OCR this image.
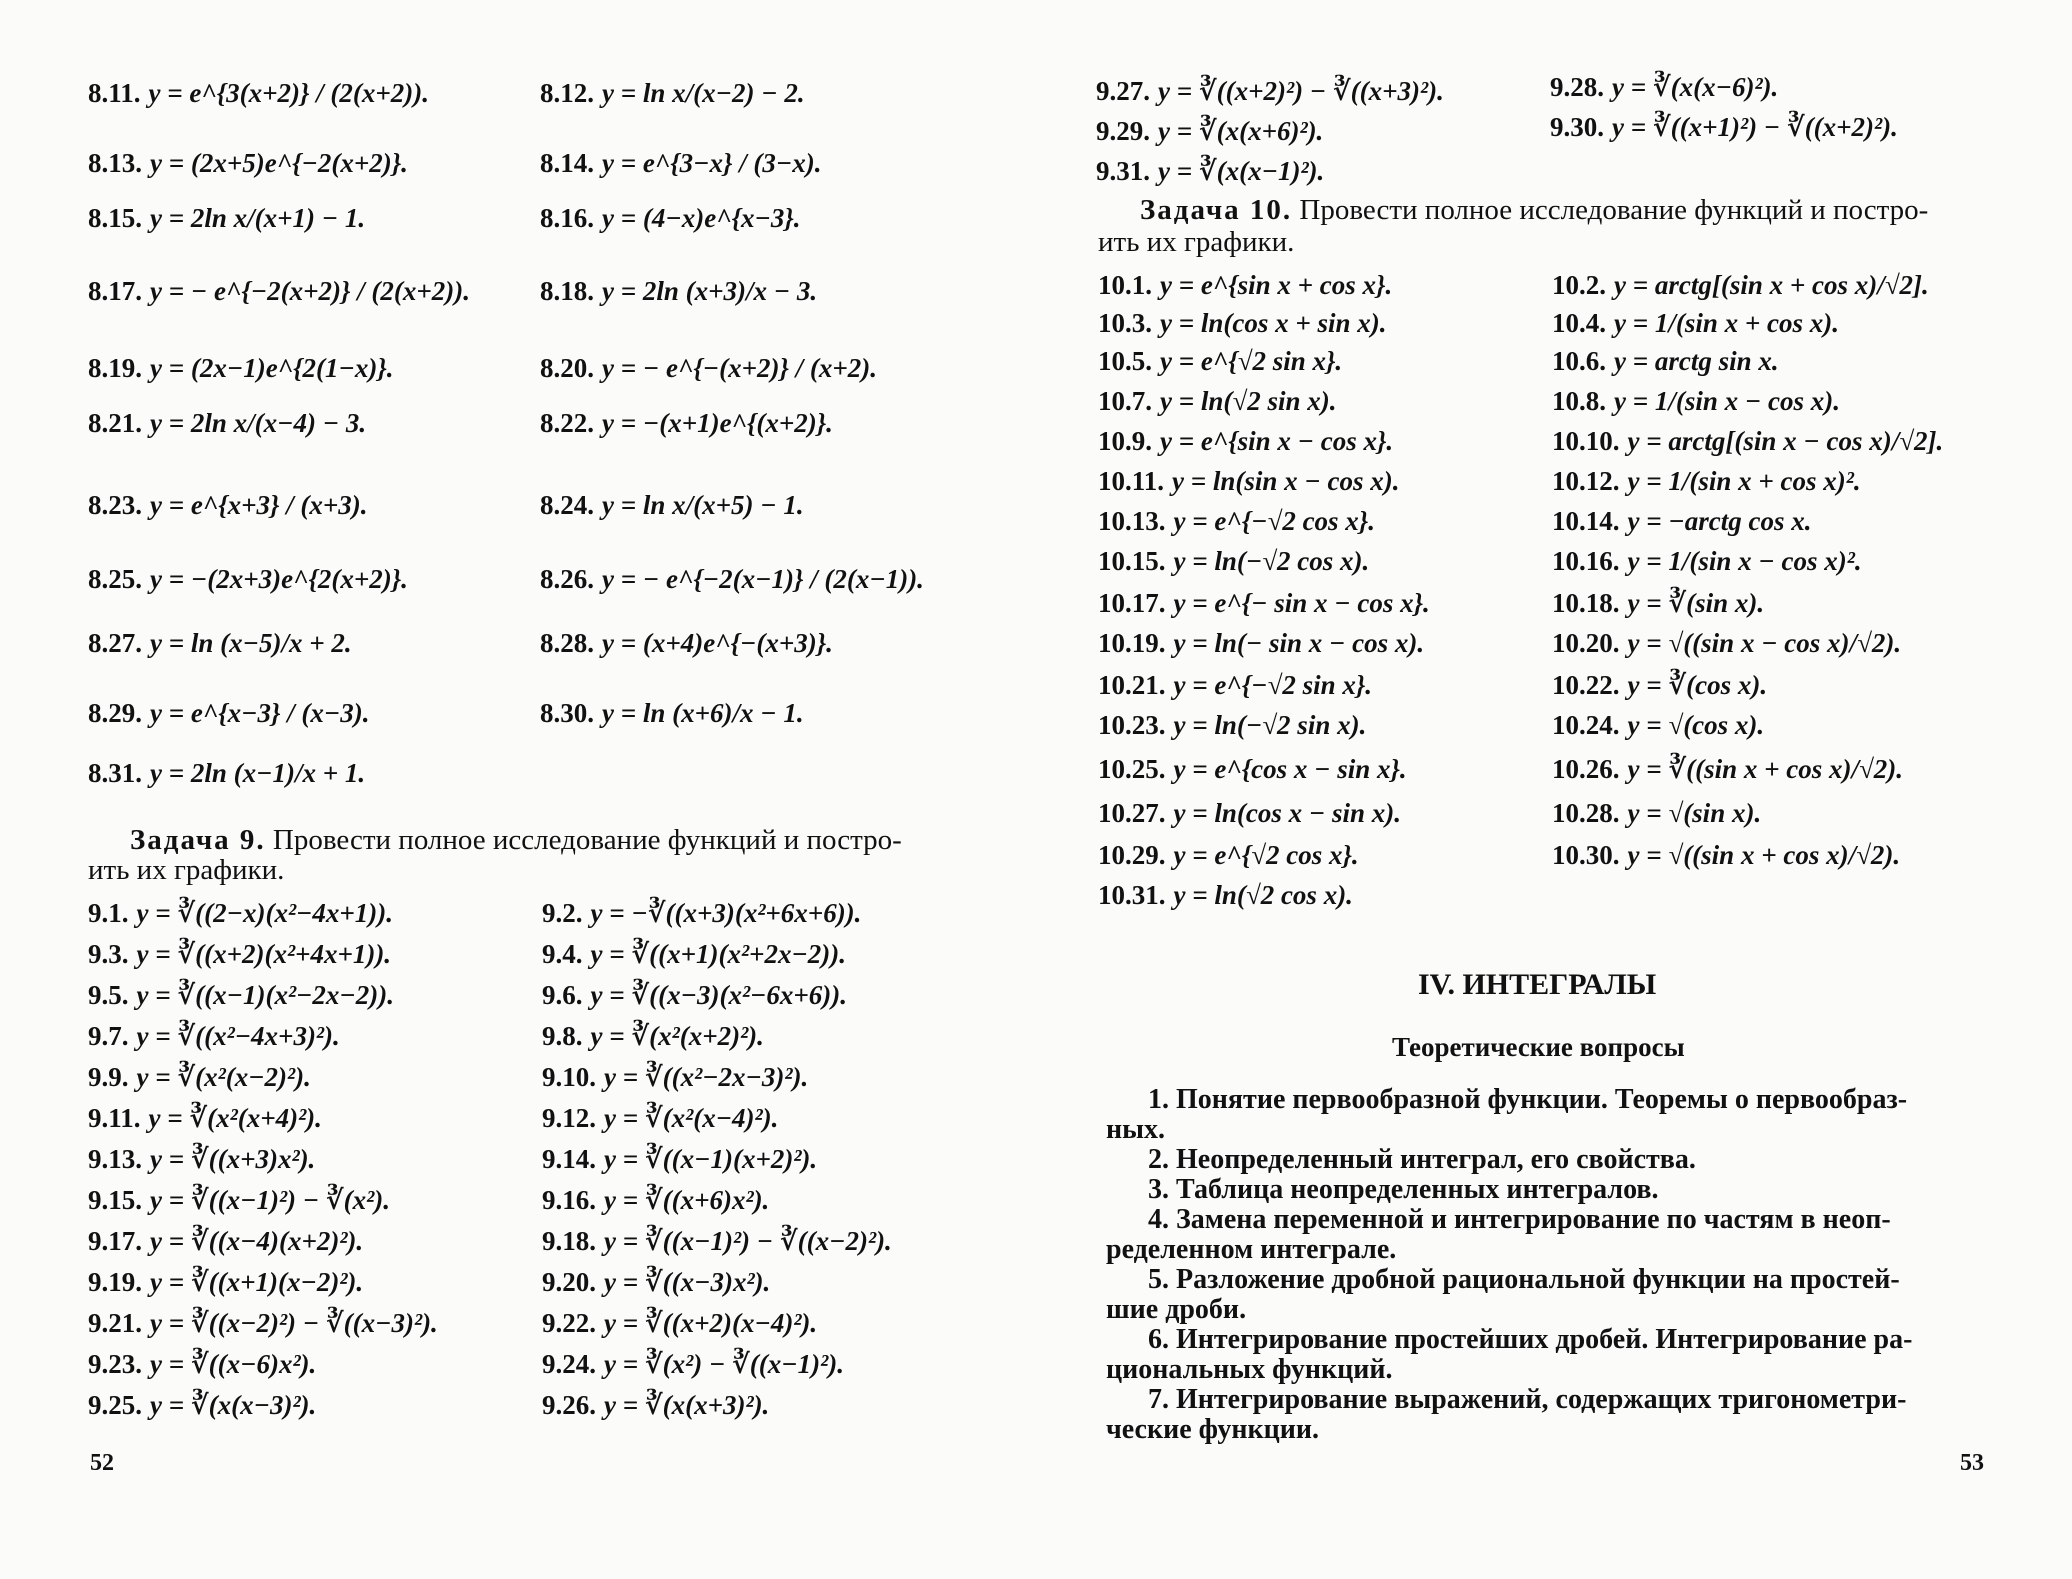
8.11. y = e^{3(x+2)} / (2(x+2)).	8.12. y = ln x/(x−2) − 2.
8.13. y = (2x+5)e^{−2(x+2)}.	8.14. y = e^{3−x} / (3−x).
8.15. y = 2ln x/(x+1) − 1.	8.16. y = (4−x)e^{x−3}.
8.17. y = − e^{−2(x+2)} / (2(x+2)).	8.18. y = 2ln (x+3)/x − 3.
8.19. y = (2x−1)e^{2(1−x)}.	8.20. y = − e^{−(x+2)} / (x+2).
8.21. y = 2ln x/(x−4) − 3.	8.22. y = −(x+1)e^{(x+2)}.
8.23. y = e^{x+3} / (x+3).	8.24. y = ln x/(x+5) − 1.
8.25. y = −(2x+3)e^{2(x+2)}.	8.26. y = − e^{−2(x−1)} / (2(x−1)).
8.27. y = ln (x−5)/x + 2.	8.28. y = (x+4)e^{−(x+3)}.
8.29. y = e^{x−3} / (x−3).	8.30. y = ln (x+6)/x − 1.
8.31. y = 2ln (x−1)/x + 1.
Задача 9. Провести полное исследование функций и постро-
ить их графики.
9.1. y = ∛((2−x)(x²−4x+1)).	9.2. y = −∛((x+3)(x²+6x+6)).
9.3. y = ∛((x+2)(x²+4x+1)).	9.4. y = ∛((x+1)(x²+2x−2)).
9.5. y = ∛((x−1)(x²−2x−2)).	9.6. y = ∛((x−3)(x²−6x+6)).
9.7. y = ∛((x²−4x+3)²).	9.8. y = ∛(x²(x+2)²).
9.9. y = ∛(x²(x−2)²).	9.10. y = ∛((x²−2x−3)²).
9.11. y = ∛(x²(x+4)²).	9.12. y = ∛(x²(x−4)²).
9.13. y = ∛((x+3)x²).	9.14. y = ∛((x−1)(x+2)²).
9.15. y = ∛((x−1)²) − ∛(x²).	9.16. y = ∛((x+6)x²).
9.17. y = ∛((x−4)(x+2)²).	9.18. y = ∛((x−1)²) − ∛((x−2)²).
9.19. y = ∛((x+1)(x−2)²).	9.20. y = ∛((x−3)x²).
9.21. y = ∛((x−2)²) − ∛((x−3)²).	9.22. y = ∛((x+2)(x−4)²).
9.23. y = ∛((x−6)x²).	9.24. y = ∛(x²) − ∛((x−1)²).
9.25. y = ∛(x(x−3)²).	9.26. y = ∛(x(x+3)²).
52
9.27. y = ∛((x+2)²) − ∛((x+3)²).	9.28. y = ∛(x(x−6)²).
9.29. y = ∛(x(x+6)²).	9.30. y = ∛((x+1)²) − ∛((x+2)²).
9.31. y = ∛(x(x−1)²).
Задача 10. Провести полное исследование функций и постро-
ить их графики.
10.1. y = e^{sin x + cos x}.	10.2. y = arctg[(sin x + cos x)/√2].
10.3. y = ln(cos x + sin x).	10.4. y = 1/(sin x + cos x).
10.5. y = e^{√2 sin x}.	10.6. y = arctg sin x.
10.7. y = ln(√2 sin x).	10.8. y = 1/(sin x − cos x).
10.9. y = e^{sin x − cos x}.	10.10. y = arctg[(sin x − cos x)/√2].
10.11. y = ln(sin x − cos x).	10.12. y = 1/(sin x + cos x)².
10.13. y = e^{−√2 cos x}.	10.14. y = −arctg cos x.
10.15. y = ln(−√2 cos x).	10.16. y = 1/(sin x − cos x)².
10.17. y = e^{− sin x − cos x}.	10.18. y = ∛(sin x).
10.19. y = ln(− sin x − cos x).	10.20. y = √((sin x − cos x)/√2).
10.21. y = e^{−√2 sin x}.	10.22. y = ∛(cos x).
10.23. y = ln(−√2 sin x).	10.24. y = √(cos x).
10.25. y = e^{cos x − sin x}.	10.26. y = ∛((sin x + cos x)/√2).
10.27. y = ln(cos x − sin x).	10.28. y = √(sin x).
10.29. y = e^{√2 cos x}.	10.30. y = √((sin x + cos x)/√2).
10.31. y = ln(√2 cos x).
IV. ИНТЕГРАЛЫ
Теоретические вопросы
1. Понятие первообразной функции. Теоремы о первообраз-
ных.
2. Неопределенный интеграл, его свойства.
3. Таблица неопределенных интегралов.
4. Замена переменной и интегрирование по частям в неоп-
ределенном интеграле.
5. Разложение дробной рациональной функции на простей-
шие дроби.
6. Интегрирование простейших дробей. Интегрирование ра-
циональных функций.
7. Интегрирование выражений, содержащих тригонометри-
ческие функции.
53
